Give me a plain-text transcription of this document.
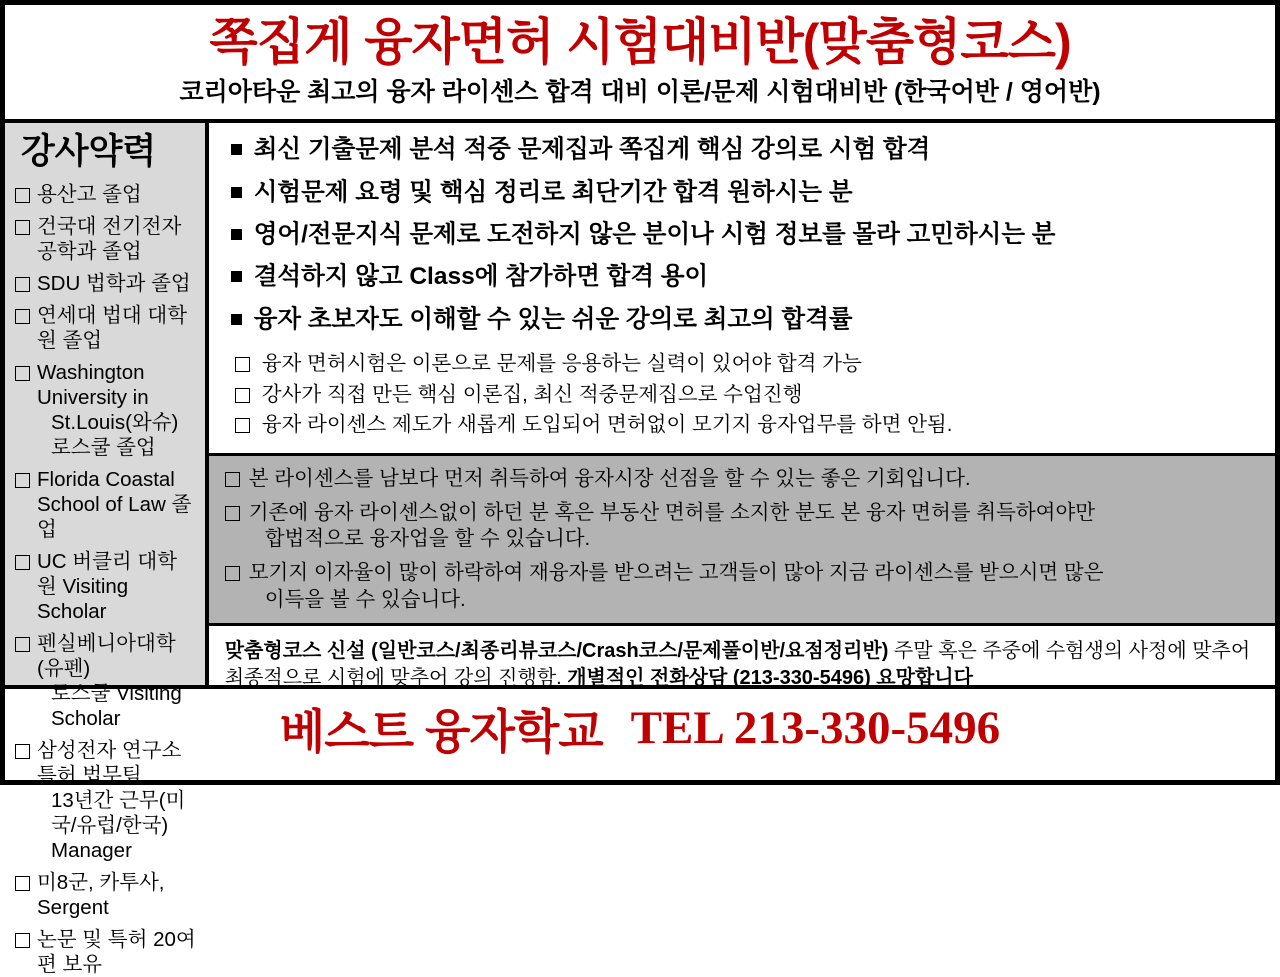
쪽집게 융자면허 시험대비반(맞춤형코스)
코리아타운 최고의 융자 라이센스 합격 대비 이론/문제 시험대비반 (한국어반 / 영어반)
강사약력
용산고 졸업
건국대 전기전자공학과 졸업
SDU 법학과 졸업
연세대 법대 대학원 졸업
Washington University in
St.Louis(와슈) 로스쿨 졸업
Florida Coastal School of Law 졸업
UC 버클리 대학원 Visiting Scholar
펜실베니아대학(유펜)
로스쿨 Visiting Scholar
삼성전자 연구소 특허 법무팀
13년간 근무(미국/유럽/한국) Manager
미8군, 카투사, Sergent
논문 및 특허 20여편 보유
최신 기출문제 분석 적중 문제집과 쪽집게 핵심 강의로 시험 합격
시험문제 요령 및 핵심 정리로 최단기간 합격 원하시는 분
영어/전문지식 문제로 도전하지 않은 분이나 시험 정보를 몰라 고민하시는 분
결석하지 않고 Class에 참가하면 합격 용이
융자 초보자도 이해할 수 있는 쉬운 강의로 최고의 합격률
융자 면허시험은 이론으로 문제를 응용하는 실력이 있어야 합격 가능
강사가 직접 만든 핵심 이론집, 최신 적중문제집으로 수업진행
융자 라이센스 제도가 새롭게 도입되어 면허없이 모기지 융자업무를 하면 안됨.
본 라이센스를 남보다 먼저 취득하여 융자시장 선점을 할 수 있는 좋은 기회입니다.
기존에 융자 라이센스없이 하던 분 혹은 부동산 면허를 소지한 분도 본 융자 면허를 취득하여야만
합법적으로 융자업을 할 수 있습니다.
모기지 이자율이 많이 하락하여 재융자를 받으려는 고객들이 많아 지금 라이센스를 받으시면 많은
이득을 볼 수 있습니다.
맞춤형코스 신설 (일반코스/최종리뷰코스/Crash코스/문제풀이반/요점정리반) 주말 혹은 주중에 수험생의 사정에 맞추어 최종적으로 시험에 맞추어 강의 진행함. 개별적인 전화상담 (213-330-5496) 요망합니다
베스트 융자학교 TEL 213-330-5496
